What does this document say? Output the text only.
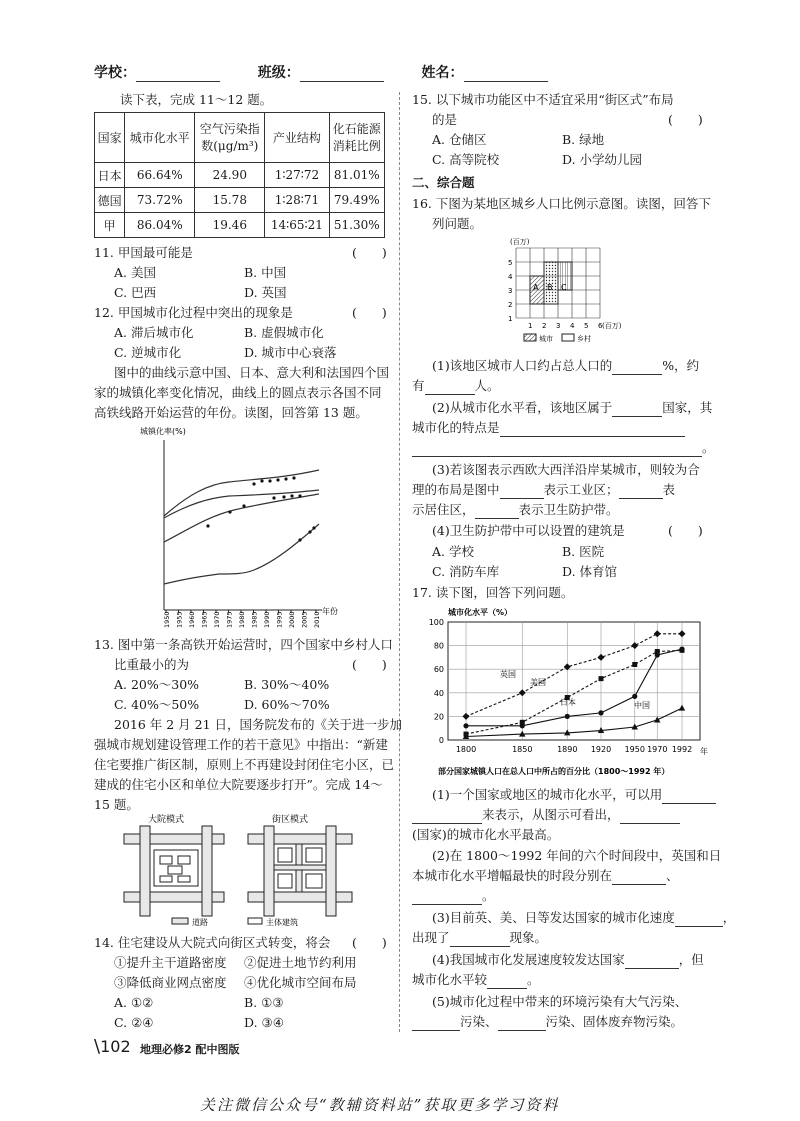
学校：	班级：	姓名：
读下表，完成 11～12 题。
国家	城市化水平	空气污染指
数(μg/m³)	产业结构	化石能源
消耗比例
日本	66.64%	24.90	1∶27∶72	81.01%
德国	73.72%	15.78	1∶28∶71	79.49%
甲	86.04%	19.46	14∶65∶21	51.30%
11. 甲国最可能是	(　　)
A. 美国	B. 中国
C. 巴西	D. 英国
12. 甲国城市化过程中突出的现象是	(　　)
A. 滞后城市化	B. 虚假城市化
C. 逆城市化	D. 城市中心衰落
图中的曲线示意中国、日本、意大利和法国四个国
家的城镇化率变化情况，曲线上的圆点表示各国不同
高铁线路开始运营的年份。读图，回答第 13 题。
城镇化率(%)
1950 1955 1960 1965 1970 1975 1980 1985 1990 1995 2000 2005 2010 年份
13. 图中第一条高铁开始运营时，四个国家中乡村人口
比重最小的为	(　　)
A. 20%～30%	B. 30%～40%
C. 40%～50%	D. 60%～70%
2016 年 2 月 21 日，国务院发布的《关于进一步加
强城市规划建设管理工作的若干意见》中指出：“新建
住宅要推广街区制，原则上不再建设封闭住宅小区，已
建成的住宅小区和单位大院要逐步打开”。完成 14～
15 题。
大院模式	街区模式
道路	主体建筑
14. 住宅建设从大院式向街区式转变，将会 (　　)
①提升主干道路密度 ②促进土地节约利用
③降低商业网点密度 ④优化城市空间布局
A. ①②	B. ①③
C. ②④	D. ③④
15. 以下城市功能区中不适宜采用“街区式”布局
的是	(　　)
A. 仓储区	B. 绿地
C. 高等院校	D. 小学幼儿园
二、综合题
16. 下图为某地区城乡人口比例示意图。读图，回答下
列问题。
(百万)
A B C
1
2
3
4
5
1 2 3 4 5 6 (百万)
城市	乡村
(1)该地区城市人口约占总人口的	%，约
有	人。
(2)从城市化水平看，该地区属于	国家，其
城市化的特点是
。
(3)若该图表示西欧大西洋沿岸某城市，则较为合
理的布局是图中	表示工业区；	表
示居住区，	表示卫生防护带。
(4)卫生防护带中可以设置的建筑是	(　　)
A. 学校	B. 医院
C. 消防车库	D. 体育馆
17. 读下图，回答下列问题。
城市化水平（%）
0
20
40
60
80
100
1800	1850	1890 1920 1950 1970 1992 年
部分国家城镇人口在总人口中所占的百分比（1800～1992 年）
英国
美国
日本	中国
(1)一个国家或地区的城市化水平，可以用
来表示，从图示可看出，
(国家)的城市化水平最高。
(2)在 1800～1992 年间的六个时间段中，英国和日
本城市化水平增幅最快的时段分别在	、
。
(3)目前英、美、日等发达国家的城市化速度	，
出现了	现象。
(4)我国城市化发展速度较发达国家	，但
城市化水平较	。
(5)城市化过程中带来的环境污染有大气污染、
污染、	污染、固体废弃物污染。
\102 地理必修2 配中图版
关注微信公众号“教辅资料站”获取更多学习资料
